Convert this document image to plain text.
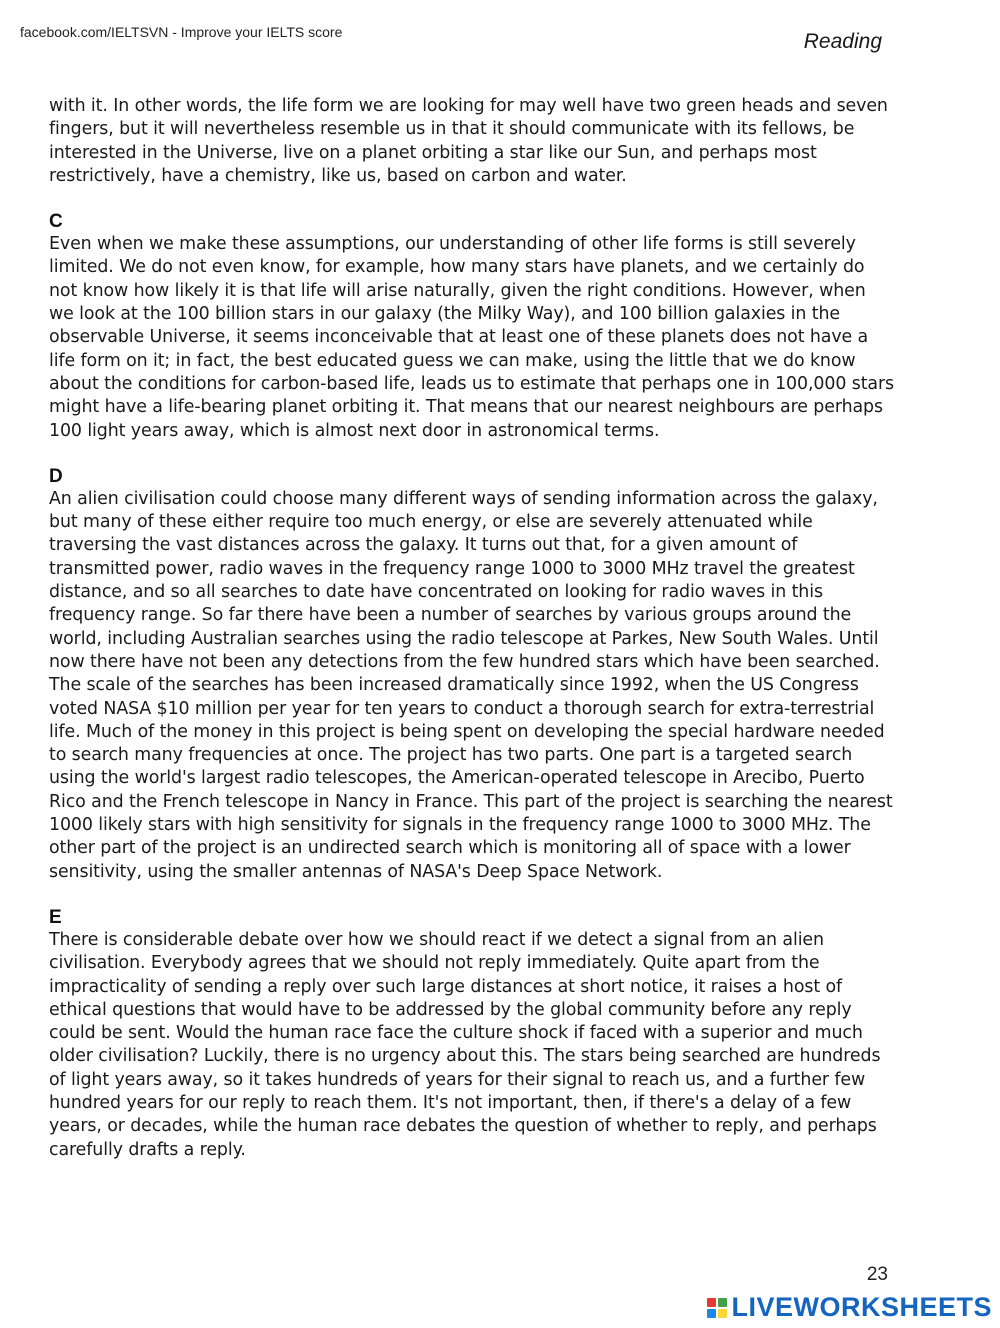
facebook.com/IELTSVN - Improve your IELTS score	Reading

with it. In other words, the life form we are looking for may well have two green heads and seven fingers, but it will nevertheless resemble us in that it should communicate with its fellows, be interested in the Universe, live on a planet orbiting a star like our Sun, and perhaps most restrictively, have a chemistry, like us, based on carbon and water.

C

Even when we make these assumptions, our understanding of other life forms is still severely limited. We do not even know, for example, how many stars have planets, and we certainly do not know how likely it is that life will arise naturally, given the right conditions. However, when we look at the 100 billion stars in our galaxy (the Milky Way), and 100 billion galaxies in the observable Universe, it seems inconceivable that at least one of these planets does not have a life form on it; in fact, the best educated guess we can make, using the little that we do know about the conditions for carbon-based life, leads us to estimate that perhaps one in 100,000 stars might have a life-bearing planet orbiting it. That means that our nearest neighbours are perhaps 100 light years away, which is almost next door in astronomical terms.

D

An alien civilisation could choose many different ways of sending information across the galaxy, but many of these either require too much energy, or else are severely attenuated while traversing the vast distances across the galaxy. It turns out that, for a given amount of transmitted power, radio waves in the frequency range 1000 to 3000 MHz travel the greatest distance, and so all searches to date have concentrated on looking for radio waves in this frequency range. So far there have been a number of searches by various groups around the world, including Australian searches using the radio telescope at Parkes, New South Wales. Until now there have not been any detections from the few hundred stars which have been searched. The scale of the searches has been increased dramatically since 1992, when the US Congress voted NASA $10 million per year for ten years to conduct a thorough search for extra-terrestrial life. Much of the money in this project is being spent on developing the special hardware needed to search many frequencies at once. The project has two parts. One part is a targeted search using the world's largest radio telescopes, the American-operated telescope in Arecibo, Puerto Rico and the French telescope in Nancy in France. This part of the project is searching the nearest 1000 likely stars with high sensitivity for signals in the frequency range 1000 to 3000 MHz. The other part of the project is an undirected search which is monitoring all of space with a lower sensitivity, using the smaller antennas of NASA's Deep Space Network.

E

There is considerable debate over how we should react if we detect a signal from an alien civilisation. Everybody agrees that we should not reply immediately. Quite apart from the impracticality of sending a reply over such large distances at short notice, it raises a host of ethical questions that would have to be addressed by the global community before any reply could be sent. Would the human race face the culture shock if faced with a superior and much older civilisation? Luckily, there is no urgency about this. The stars being searched are hundreds of light years away, so it takes hundreds of years for their signal to reach us, and a further few hundred years for our reply to reach them. It's not important, then, if there's a delay of a few years, or decades, while the human race debates the question of whether to reply, and perhaps carefully drafts a reply.

23
LIVEWORKSHEETS
